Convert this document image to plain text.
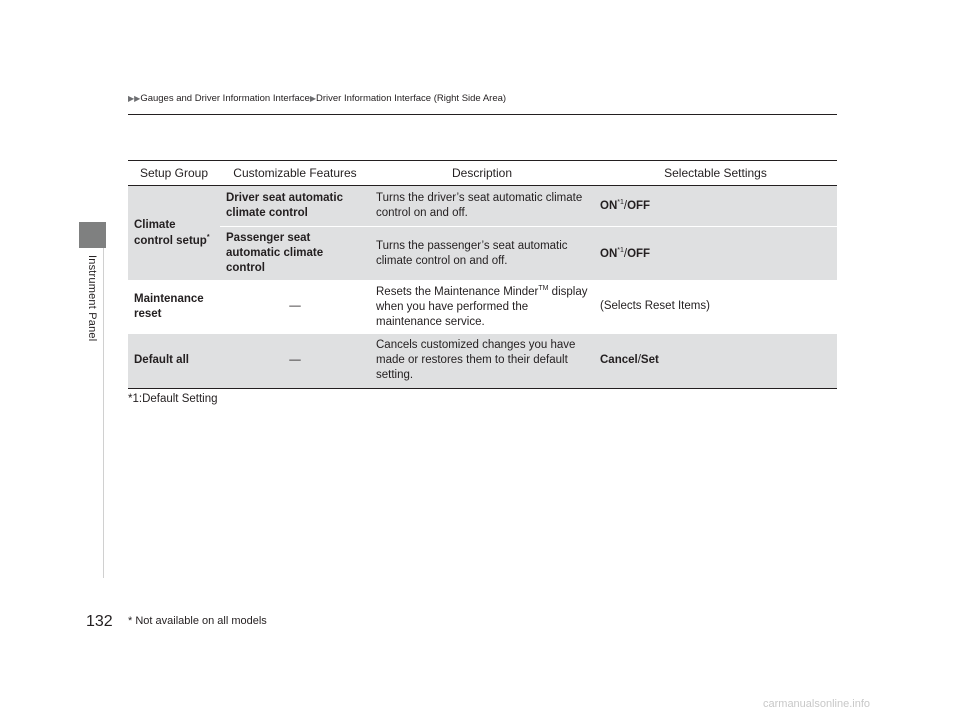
Instrument Panel
▶▶Gauges and Driver Information Interface▶Driver Information Interface (Right Side Area)
Setup Group	Customizable Features	Description	Selectable Settings
Climate control setup*	Driver seat automatic climate control	Turns the driver’s seat automatic climate control on and off.	ON$^{*1}$/OFF
	Passenger seat automatic climate control	Turns the passenger’s seat automatic climate control on and off.	ON$^{*1}$/OFF
Maintenance reset	—	Resets the Maintenance Minder™ display when you have performed the maintenance service.	(Selects Reset Items)
Default all	—	Cancels customized changes you have made or restores them to their default setting.	Cancel/Set
*1:Default Setting
132 * Not available on all models
carmanualsonline.info
